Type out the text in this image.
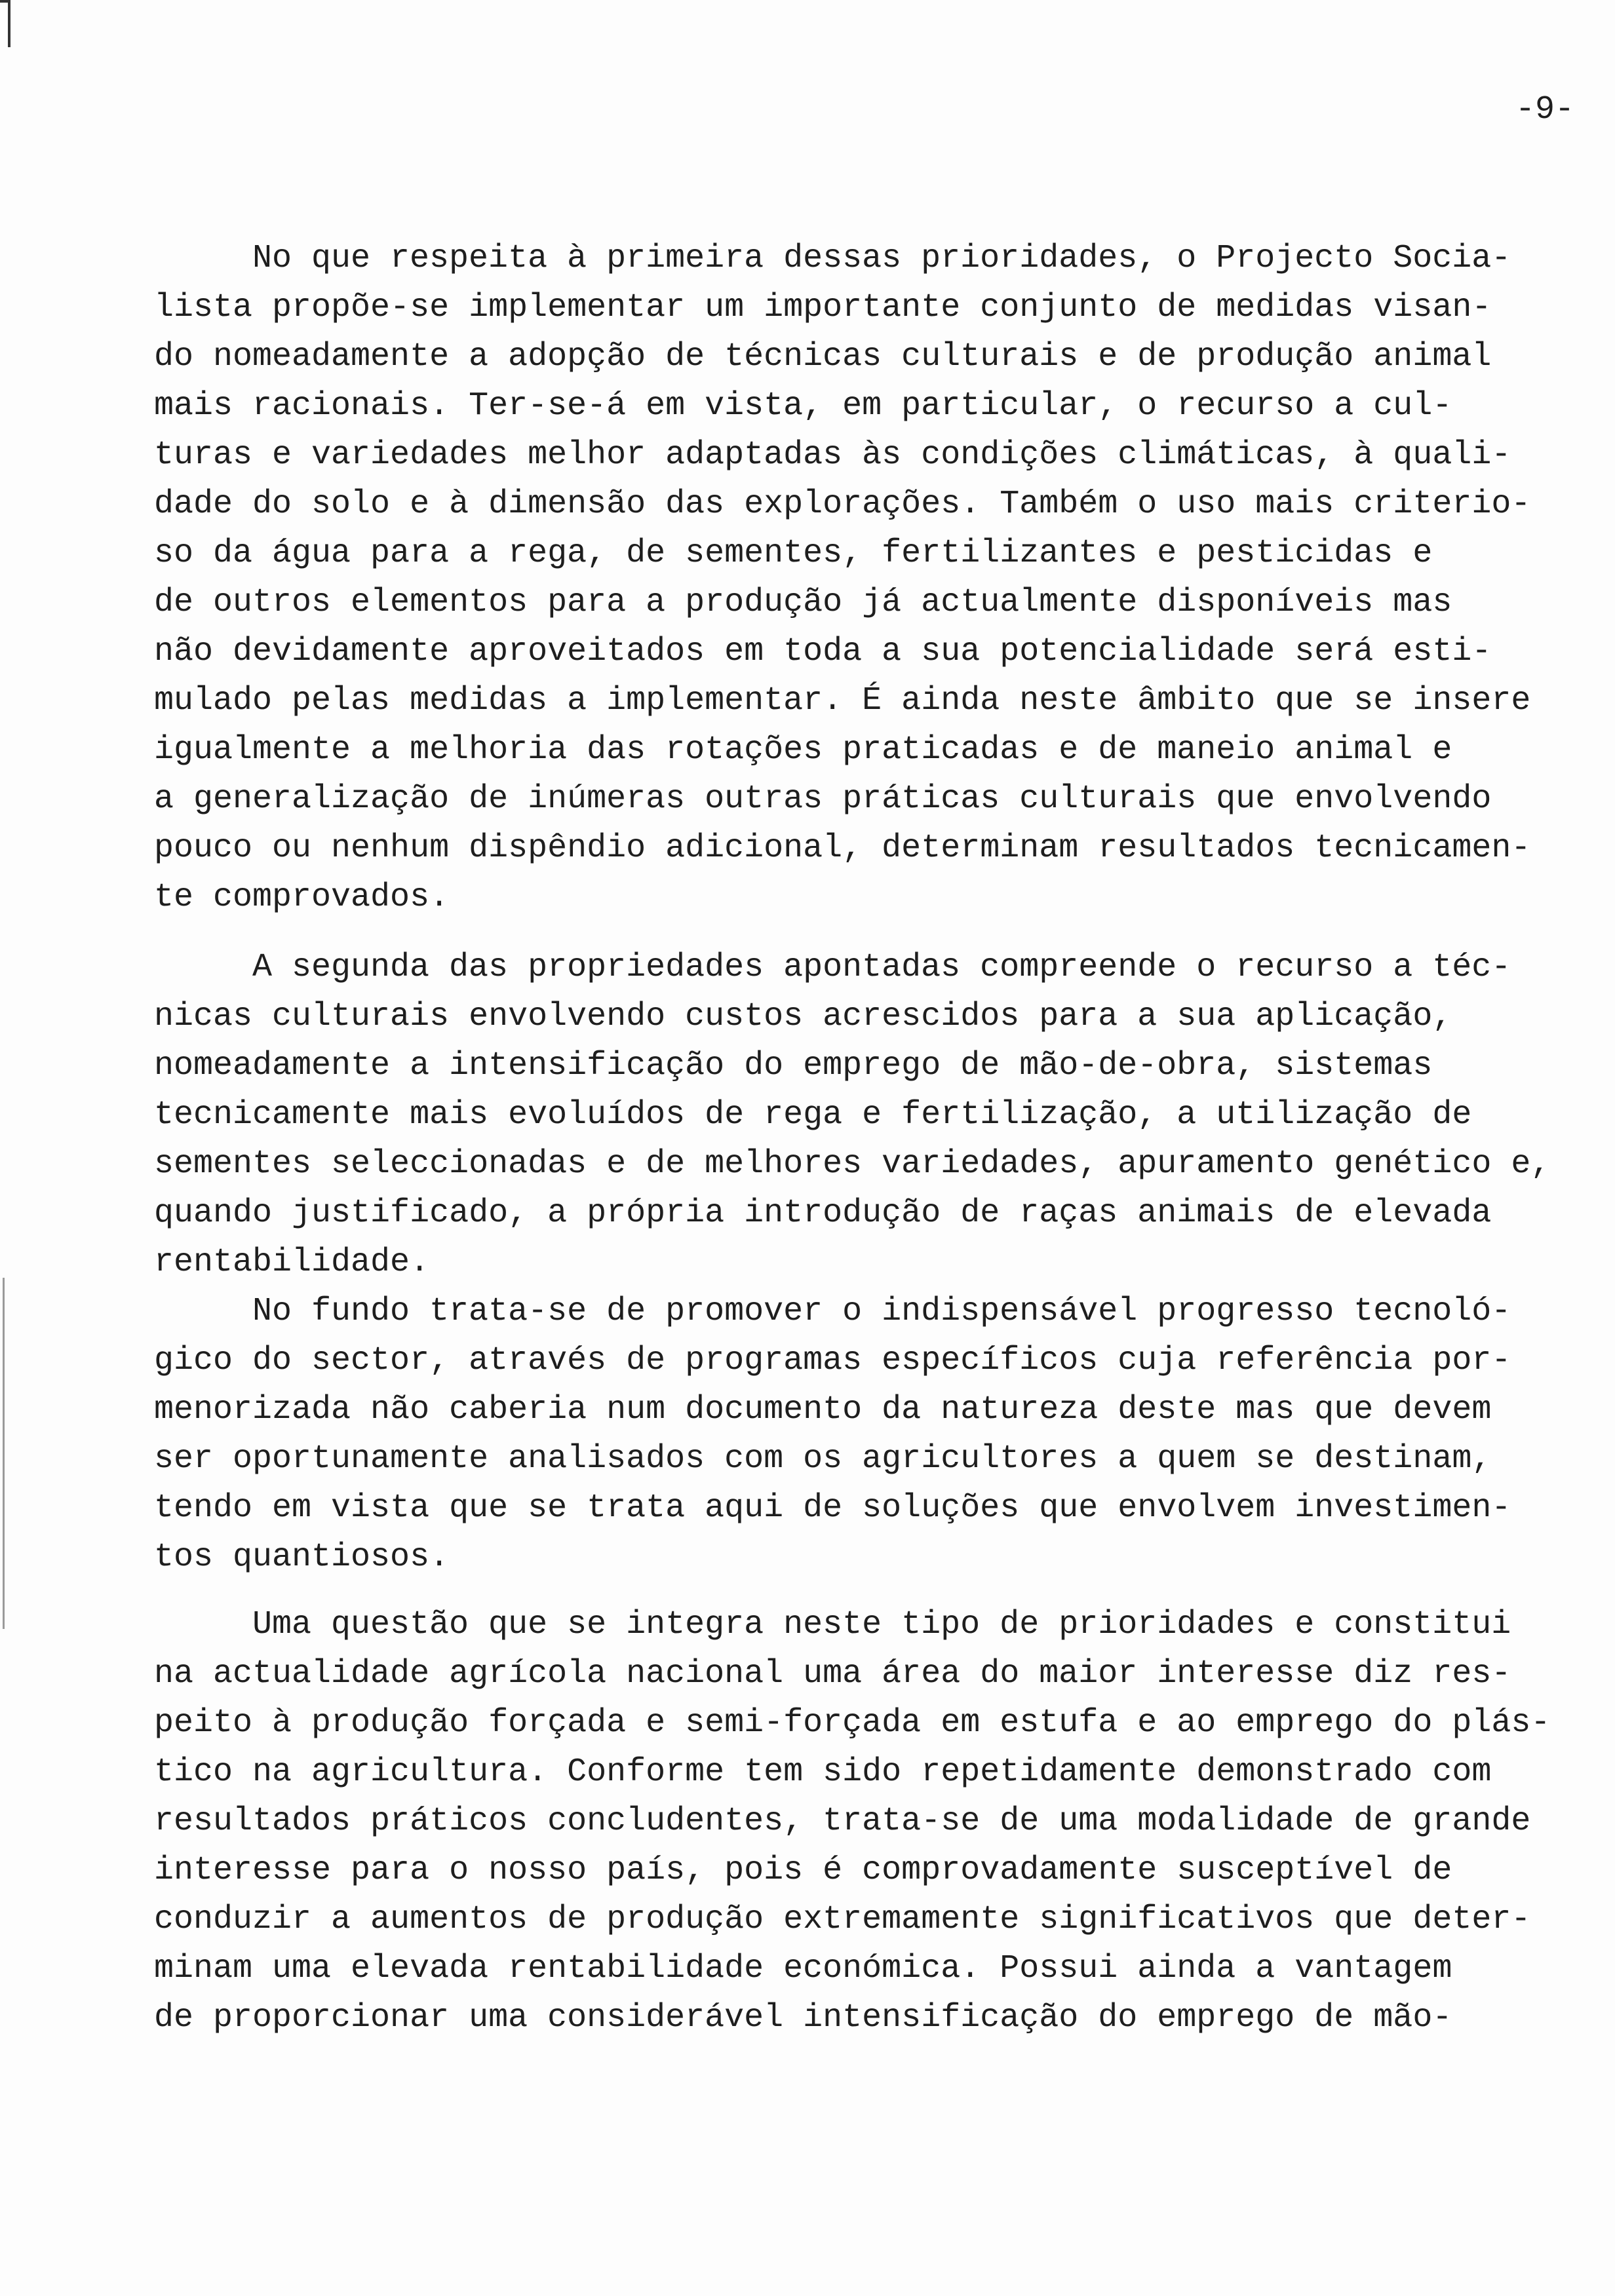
-9-
No que respeita à primeira dessas prioridades, o Projecto Socia-
lista propõe-se implementar um importante conjunto de medidas visan-
do nomeadamente a adopção de técnicas culturais e de produção animal
mais racionais. Ter-se-á em vista, em particular, o recurso a cul-
turas e variedades melhor adaptadas às condições climáticas, à quali-
dade do solo e à dimensão das explorações. Também o uso mais criterio-
so da água para a rega, de sementes, fertilizantes e pesticidas e
de outros elementos para a produção já actualmente disponíveis mas
não devidamente aproveitados em toda a sua potencialidade será esti-
mulado pelas medidas a implementar. É ainda neste âmbito que se insere
igualmente a melhoria das rotações praticadas e de maneio animal e
a generalização de inúmeras outras práticas culturais que envolvendo
pouco ou nenhum dispêndio adicional, determinam resultados tecnicamen-
te comprovados.
A segunda das propriedades apontadas compreende o recurso a téc-
nicas culturais envolvendo custos acrescidos para a sua aplicação,
nomeadamente a intensificação do emprego de mão-de-obra, sistemas
tecnicamente mais evoluídos de rega e fertilização, a utilização de
sementes seleccionadas e de melhores variedades, apuramento genético e,
quando justificado, a própria introdução de raças animais de elevada
rentabilidade.
No fundo trata-se de promover o indispensável progresso tecnoló-
gico do sector, através de programas específicos cuja referência por-
menorizada não caberia num documento da natureza deste mas que devem
ser oportunamente analisados com os agricultores a quem se destinam,
tendo em vista que se trata aqui de soluções que envolvem investimen-
tos quantiosos.
Uma questão que se integra neste tipo de prioridades e constitui
na actualidade agrícola nacional uma área do maior interesse diz res-
peito à produção forçada e semi-forçada em estufa e ao emprego do plás-
tico na agricultura. Conforme tem sido repetidamente demonstrado com
resultados práticos concludentes, trata-se de uma modalidade de grande
interesse para o nosso país, pois é comprovadamente susceptível de
conduzir a aumentos de produção extremamente significativos que deter-
minam uma elevada rentabilidade económica. Possui ainda a vantagem
de proporcionar uma considerável intensificação do emprego de mão-
